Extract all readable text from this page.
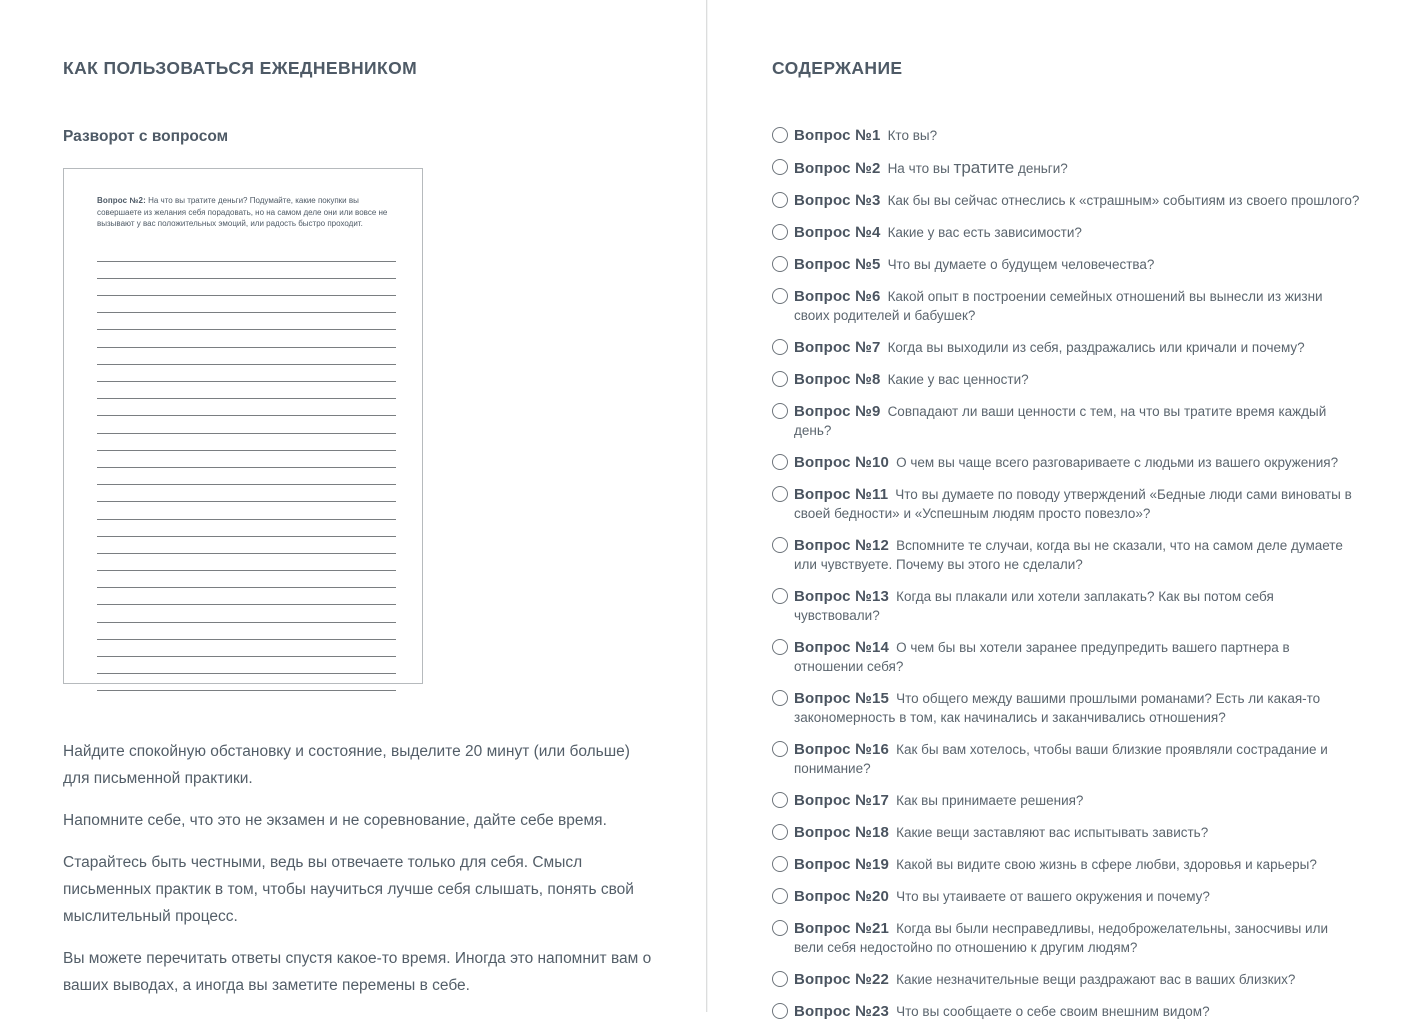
КАК ПОЛЬЗОВАТЬСЯ ЕЖЕДНЕВНИКОМ
Разворот с вопросом

Вопрос №2: На что вы тратите деньги? Подумайте, какие покупки вы совершаете из желания себя порадовать, но на самом деле они или вовсе не вызывают у вас положительных эмоций, или радость быстро проходит.

Найдите спокойную обстановку и состояние, выделите 20 минут (или больше) для письменной практики.

Напомните себе, что это не экзамен и не соревнование, дайте себе время.

Старайтесь быть честными, ведь вы отвечаете только для себя. Смысл письменных практик в том, чтобы научиться лучше себя слышать, понять свой мыслительный процесс.

Вы можете перечитать ответы спустя какое-то время. Иногда это напомнит вам о ваших выводах, а иногда вы заметите перемены в себе.

СОДЕРЖАНИЕ
Вопрос №1 Кто вы?
Вопрос №2 На что вы тратите деньги?
Вопрос №3 Как бы вы сейчас отнеслись к «страшным» событиям из своего прошлого?
Вопрос №4 Какие у вас есть зависимости?
Вопрос №5 Что вы думаете о будущем человечества?
Вопрос №6 Какой опыт в построении семейных отношений вы вынесли из жизни своих родителей и бабушек?
Вопрос №7 Когда вы выходили из себя, раздражались или кричали и почему?
Вопрос №8 Какие у вас ценности?
Вопрос №9 Совпадают ли ваши ценности с тем, на что вы тратите время каждый день?
Вопрос №10 О чем вы чаще всего разговариваете с людьми из вашего окружения?
Вопрос №11 Что вы думаете по поводу утверждений «Бедные люди сами виноваты в своей бедности» и «Успешным людям просто повезло»?
Вопрос №12 Вспомните те случаи, когда вы не сказали, что на самом деле думаете или чувствуете. Почему вы этого не сделали?
Вопрос №13 Когда вы плакали или хотели заплакать? Как вы потом себя чувствовали?
Вопрос №14 О чем бы вы хотели заранее предупредить вашего партнера в отношении себя?
Вопрос №15 Что общего между вашими прошлыми романами? Есть ли какая-то закономерность в том, как начинались и заканчивались отношения?
Вопрос №16 Как бы вам хотелось, чтобы ваши близкие проявляли сострадание и понимание?
Вопрос №17 Как вы принимаете решения?
Вопрос №18 Какие вещи заставляют вас испытывать зависть?
Вопрос №19 Какой вы видите свою жизнь в сфере любви, здоровья и карьеры?
Вопрос №20 Что вы утаиваете от вашего окружения и почему?
Вопрос №21 Когда вы были несправедливы, недоброжелательны, заносчивы или вели себя недостойно по отношению к другим людям?
Вопрос №22 Какие незначительные вещи раздражают вас в ваших близких?
Вопрос №23 Что вы сообщаете о себе своим внешним видом?
